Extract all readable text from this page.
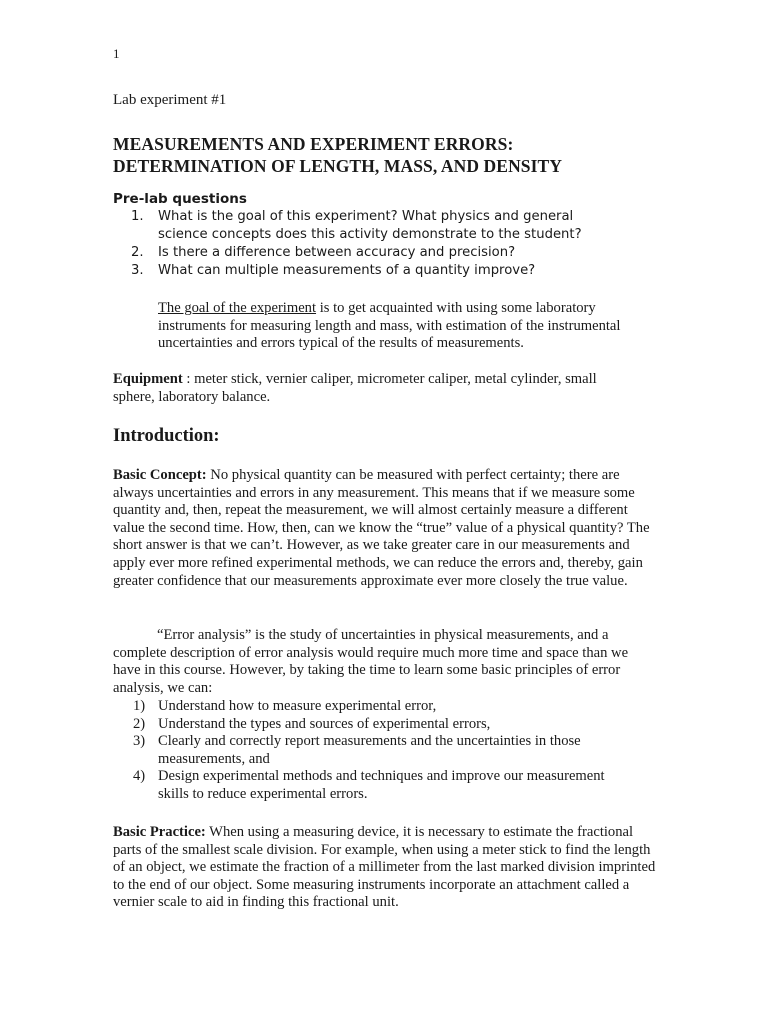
1
Lab experiment #1
MEASUREMENTS AND EXPERIMENT ERRORS:
DETERMINATION OF LENGTH, MASS, AND DENSITY
Pre-lab questions
1. What is the goal of this experiment? What physics and general science concepts does this activity demonstrate to the student?
2. Is there a difference between accuracy and precision?
3. What can multiple measurements of a quantity improve?

The goal of the experiment is to get acquainted with using some laboratory instruments for measuring length and mass, with estimation of the instrumental uncertainties and errors typical of the results of measurements.

Equipment : meter stick, vernier caliper, micrometer caliper, metal cylinder, small sphere, laboratory balance.

Introduction:

Basic Concept: No physical quantity can be measured with perfect certainty; there are always uncertainties and errors in any measurement. This means that if we measure some quantity and, then, repeat the measurement, we will almost certainly measure a different value the second time. How, then, can we know the “true” value of a physical quantity? The short answer is that we can’t. However, as we take greater care in our measurements and apply ever more refined experimental methods, we can reduce the errors and, thereby, gain greater confidence that our measurements approximate ever more closely the true value.

“Error analysis” is the study of uncertainties in physical measurements, and a complete description of error analysis would require much more time and space than we have in this course. However, by taking the time to learn some basic principles of error analysis, we can:

1) Understand how to measure experimental error,
2) Understand the types and sources of experimental errors,
3) Clearly and correctly report measurements and the uncertainties in those measurements, and
4) Design experimental methods and techniques and improve our measurement skills to reduce experimental errors.

Basic Practice: When using a measuring device, it is necessary to estimate the fractional parts of the smallest scale division. For example, when using a meter stick to find the length of an object, we estimate the fraction of a millimeter from the last marked division imprinted to the end of our object. Some measuring instruments incorporate an attachment called a vernier scale to aid in finding this fractional unit.
